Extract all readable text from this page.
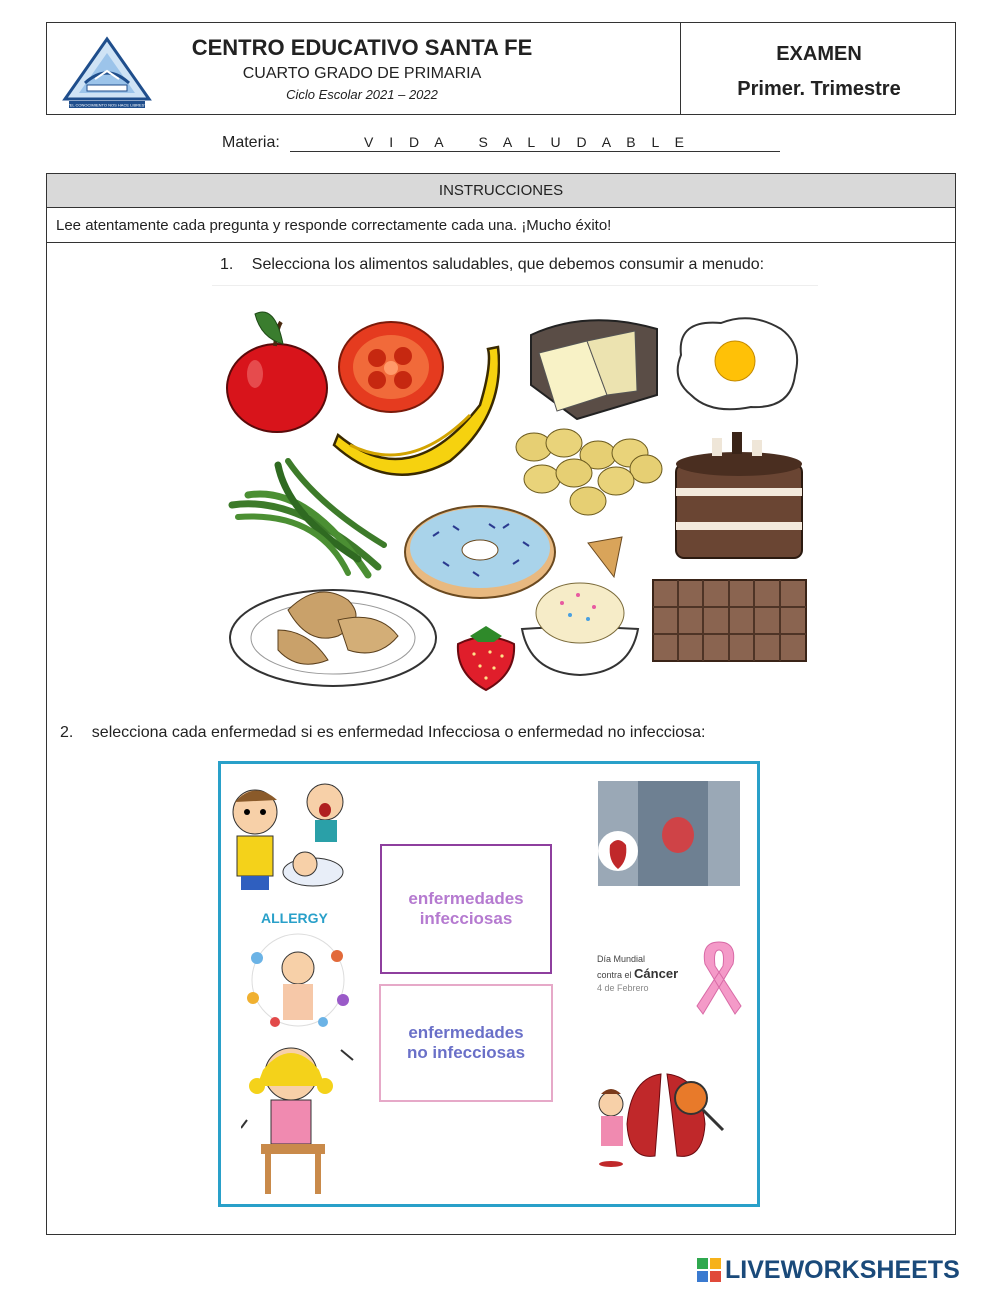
"EL CONOCIMIENTO NOS HACE LIBRES"
CENTRO EDUCATIVO SANTA FE
CUARTO GRADO DE PRIMARIA
Ciclo Escolar 2021 – 2022
EXAMEN
Primer. Trimestre
Materia:	V I D A   S A L U D A B L E
INSTRUCCIONES
Lee atentamente cada pregunta y responde correctamente cada una. ¡Mucho éxito!
1. Selecciona los alimentos saludables, que debemos consumir a menudo:
2. selecciona cada enfermedad si es enfermedad Infecciosa o enfermedad no infecciosa:
ALLERGY
enfermedades
infecciosas
enfermedades
no infecciosas
Día Mundial
contra el Cáncer
4 de Febrero
LIVEWORKSHEETS
